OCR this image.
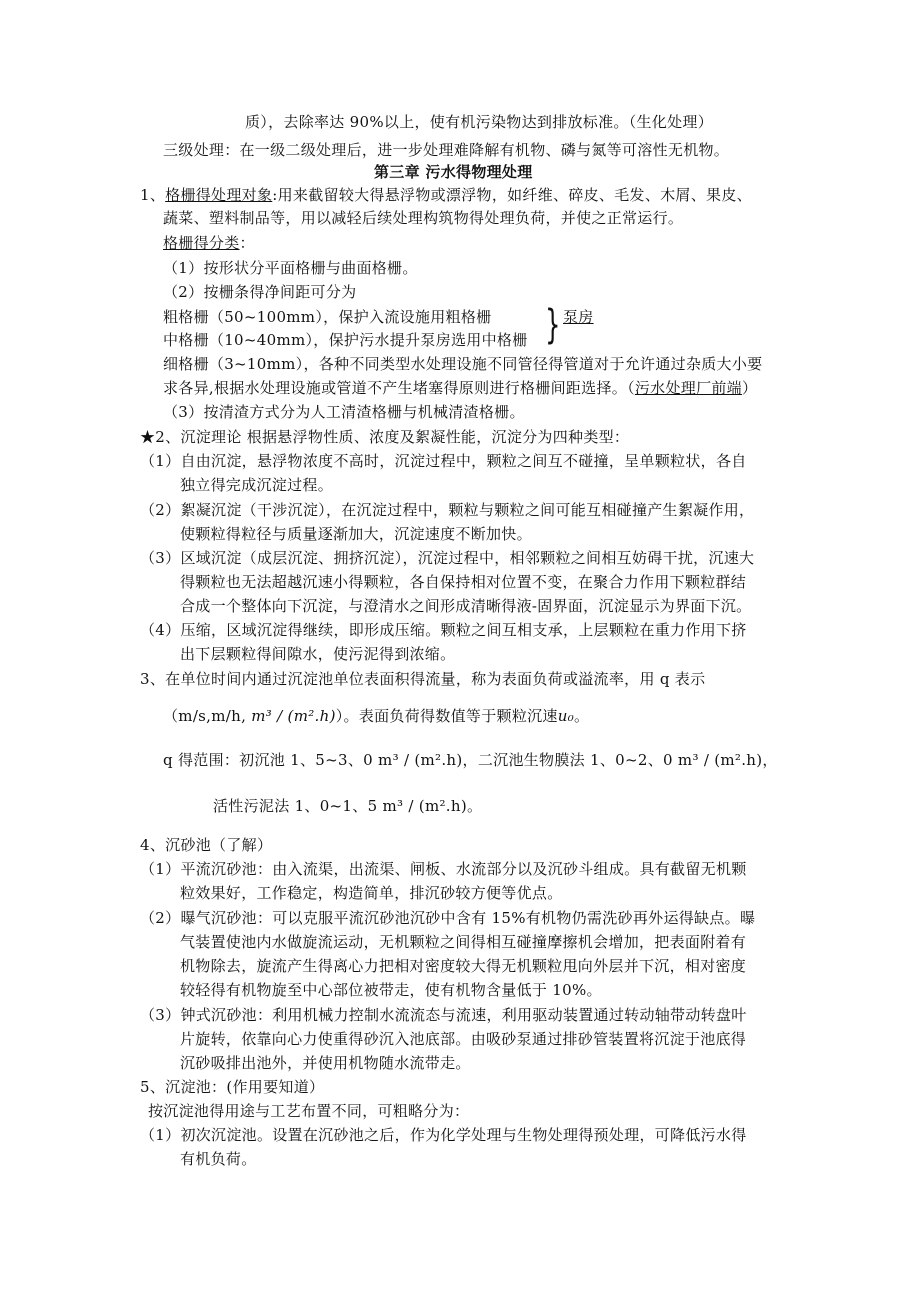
质），去除率达 90%以上，使有机污染物达到排放标准。（生化处理）
三级处理：在一级二级处理后，进一步处理难降解有机物、磷与氮等可溶性无机物。
第三章 污水得物理处理
1、格栅得处理对象:用来截留较大得悬浮物或漂浮物，如纤维、碎皮、毛发、木屑、果皮、
蔬菜、塑料制品等，用以减轻后续处理构筑物得处理负荷，并使之正常运行。
格栅得分类：
（1）按形状分平面格栅与曲面格栅。
（2）按栅条得净间距可分为
粗格栅（50~100mm），保护入流设施用粗格栅
中格栅（10~40mm），保护污水提升泵房选用中格栅 } 泵房
细格栅（3~10mm），各种不同类型水处理设施不同管径得管道对于允许通过杂质大小要
求各异,根据水处理设施或管道不产生堵塞得原则进行格栅间距选择。（污水处理厂前端）
（3）按清渣方式分为人工清渣格栅与机械清渣格栅。
★2、沉淀理论 根据悬浮物性质、浓度及絮凝性能，沉淀分为四种类型：
（1）自由沉淀，悬浮物浓度不高时，沉淀过程中，颗粒之间互不碰撞，呈单颗粒状，各自
独立得完成沉淀过程。
（2）絮凝沉淀（干涉沉淀），在沉淀过程中，颗粒与颗粒之间可能互相碰撞产生絮凝作用，
使颗粒得粒径与质量逐渐加大，沉淀速度不断加快。
（3）区域沉淀（成层沉淀、拥挤沉淀），沉淀过程中，相邻颗粒之间相互妨碍干扰，沉速大
得颗粒也无法超越沉速小得颗粒，各自保持相对位置不变，在聚合力作用下颗粒群结
合成一个整体向下沉淀，与澄清水之间形成清晰得液-固界面，沉淀显示为界面下沉。
（4）压缩，区域沉淀得继续，即形成压缩。颗粒之间互相支承，上层颗粒在重力作用下挤
出下层颗粒得间隙水，使污泥得到浓缩。
3、在单位时间内通过沉淀池单位表面积得流量，称为表面负荷或溢流率，用 q 表示
（m/s,m/h, m³ / (m².h)）。表面负荷得数值等于颗粒沉速u₀。
q 得范围：初沉池 1、5~3、0 m³ / (m².h)，二沉池生物膜法 1、0~2、0 m³ / (m².h)，
活性污泥法 1、0~1、5 m³ / (m².h)。
4、沉砂池（了解）
（1）平流沉砂池：由入流渠，出流渠、闸板、水流部分以及沉砂斗组成。具有截留无机颗
粒效果好，工作稳定，构造简单，排沉砂较方便等优点。
（2）曝气沉砂池：可以克服平流沉砂池沉砂中含有 15%有机物仍需洗砂再外运得缺点。曝
气装置使池内水做旋流运动，无机颗粒之间得相互碰撞摩擦机会增加，把表面附着有
机物除去，旋流产生得离心力把相对密度较大得无机颗粒甩向外层并下沉，相对密度
较轻得有机物旋至中心部位被带走，使有机物含量低于 10%。
（3）钟式沉砂池：利用机械力控制水流流态与流速，利用驱动装置通过转动轴带动转盘叶
片旋转，依靠向心力使重得砂沉入池底部。由吸砂泵通过排砂管装置将沉淀于池底得
沉砂吸排出池外，并使用机物随水流带走。
5、沉淀池：(作用要知道）
按沉淀池得用途与工艺布置不同，可粗略分为：
（1）初次沉淀池。设置在沉砂池之后，作为化学处理与生物处理得预处理，可降低污水得
有机负荷。
